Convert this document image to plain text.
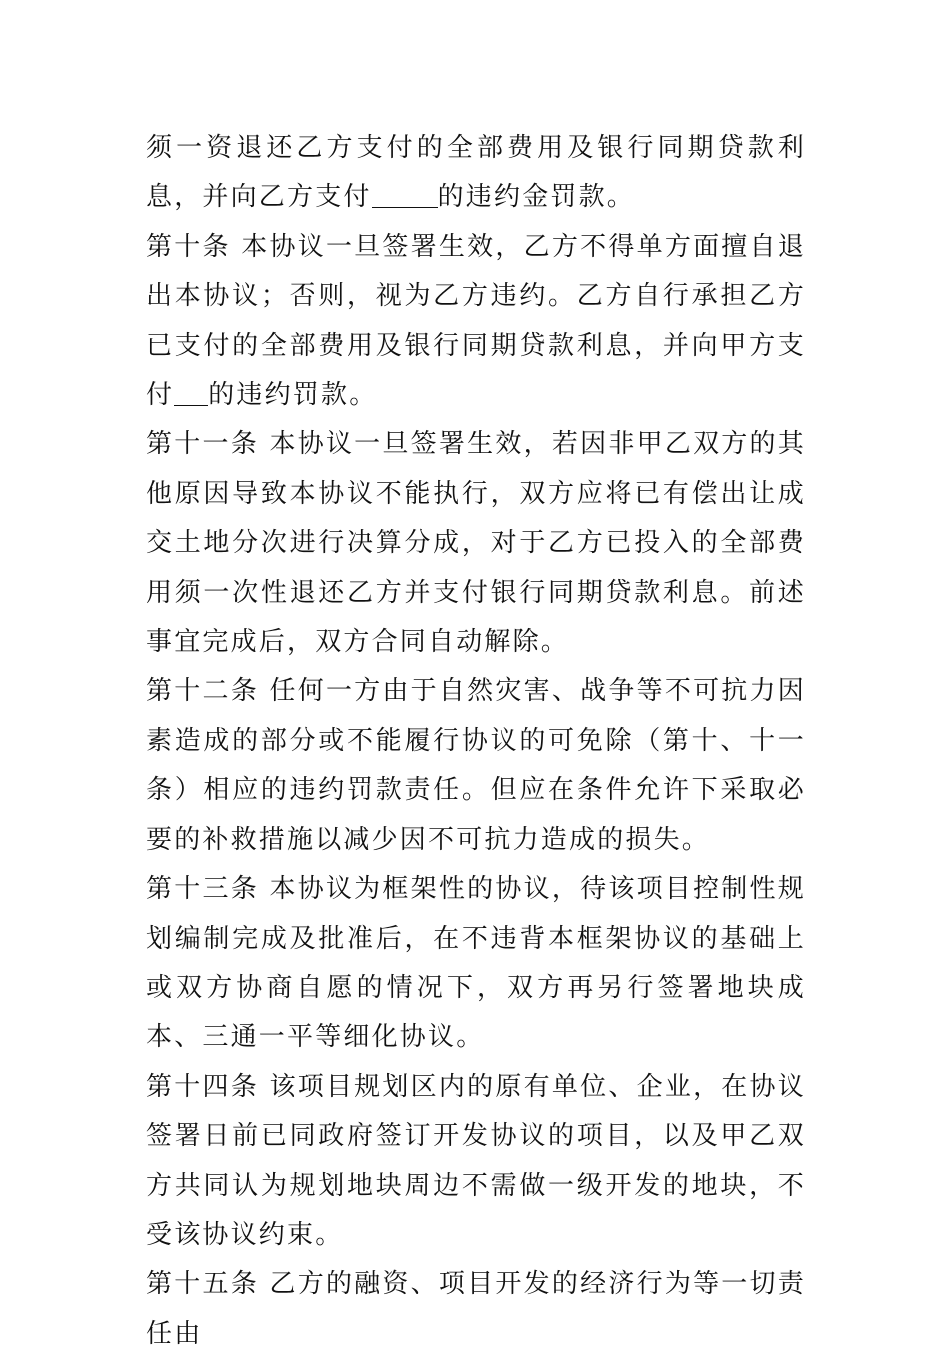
须一资退还乙方支付的全部费用及银行同期贷款利息，并向乙方支付	的违约金罚款。

第十条 本协议一旦签署生效，乙方不得单方面擅自退出本协议；否则，视为乙方违约。乙方自行承担乙方已支付的全部费用及银行同期贷款利息，并向甲方支付 的违约罚款。

第十一条 本协议一旦签署生效，若因非甲乙双方的其他原因导致本协议不能执行，双方应将已有偿出让成交土地分次进行决算分成，对于乙方已投入的全部费用须一次性退还乙方并支付银行同期贷款利息。前述事宜完成后，双方合同自动解除。

第十二条 任何一方由于自然灾害、战争等不可抗力因素造成的部分或不能履行协议的可免除（第十、十一条）相应的违约罚款责任。但应在条件允许下采取必要的补救措施以减少因不可抗力造成的损失。

第十三条 本协议为框架性的协议，待该项目控制性规划编制完成及批准后，在不违背本框架协议的基础上或双方协商自愿的情况下，双方再另行签署地块成本、三通一平等细化协议。

第十四条 该项目规划区内的原有单位、企业，在协议签署日前已同政府签订开发协议的项目，以及甲乙双方共同认为规划地块周边不需做一级开发的地块，不受该协议约束。

第十五条 乙方的融资、项目开发的经济行为等一切责任由
